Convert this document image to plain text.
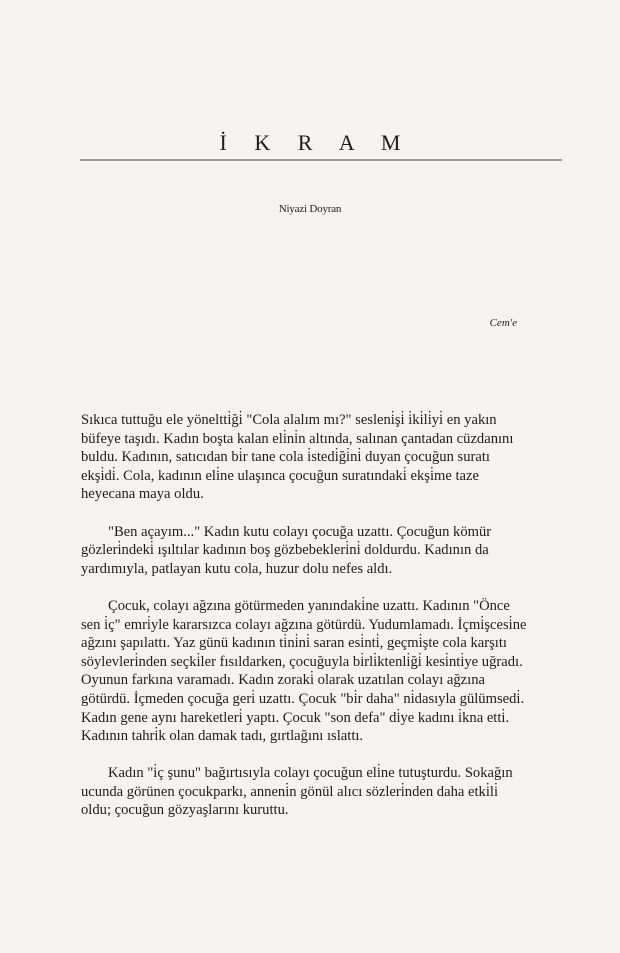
İ K R A M
Niyazi Doyran
Cem'e

Sıkıca tuttuğu ele yöneltti̇ği̇ "Cola alalım mı?" sesleni̇şi̇ i̇ki̇li̇yi̇ en yakın
büfeye taşıdı. Kadın boşta kalan eli̇ni̇n altında, salınan çantadan cüzdanını
buldu. Kadının, satıcıdan bi̇r tane cola i̇stedi̇ği̇ni̇ duyan çocuğun suratı
ekşi̇di̇. Cola, kadının eli̇ne ulaşınca çocuğun suratındaki̇ ekşi̇me taze
heyecana maya oldu.

"Ben açayım..." Kadın kutu colayı çocuğa uzattı. Çocuğun kömür
gözleri̇ndeki̇ ışıltılar kadının boş gözbebekleri̇ni̇ doldurdu. Kadının da
yardımıyla, patlayan kutu cola, huzur dolu nefes aldı.

Çocuk, colayı ağzına götürmeden yanındaki̇ne uzattı. Kadının "Önce
sen i̇ç" emri̇yle kararsızca colayı ağzına götürdü. Yudumlamadı. İçmi̇şcesi̇ne
ağzını şapılattı. Yaz günü kadının ti̇ni̇ni̇ saran esi̇nti̇, geçmi̇şte cola karşıtı
söylevleri̇nden seçki̇ler fısıldarken, çocuğuyla bi̇rli̇ktenli̇ği̇ kesi̇nti̇ye uğradı.
Oyunun farkına varamadı. Kadın zoraki̇ olarak uzatılan colayı ağzına
götürdü. İçmeden çocuğa geri̇ uzattı. Çocuk "bi̇r daha" ni̇dasıyla gülümsedi̇.
Kadın gene aynı hareketleri̇ yaptı. Çocuk "son defa" di̇ye kadını i̇kna etti̇.
Kadının tahri̇k olan damak tadı, gırtlağını ıslattı.

Kadın "i̇ç şunu" bağırtısıyla colayı çocuğun eli̇ne tutuşturdu. Sokağın
ucunda görünen çocukparkı, anneni̇n gönül alıcı sözleri̇nden daha etki̇li̇
oldu; çocuğun gözyaşlarını kuruttu.
